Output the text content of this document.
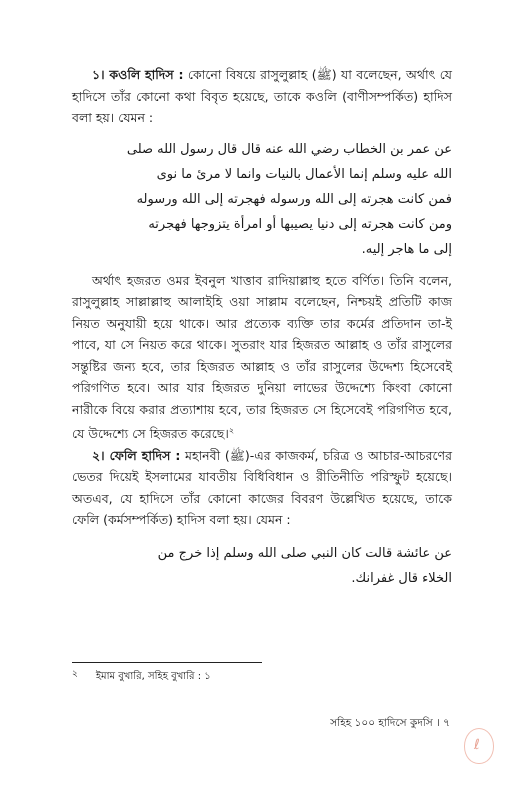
১। কওলি হাদিস : কোনো বিষয়ে রাসুলুল্লাহ (ﷺ) যা বলেছেন, অর্থাৎ যে হাদিসে তাঁর কোনো কথা বিবৃত হয়েছে, তাকে কওলি (বাণীসম্পর্কিত) হাদিস বলা হয়। যেমন :

عن عمر بن الخطاب رضي الله عنه قال قال رسول الله صلى
الله عليه وسلم إنما الأعمال بالنيات وانما لا مرئ ما نوى
فمن كانت هجرته إلى الله ورسوله فهجرته إلى الله ورسوله
ومن كانت هجرته إلى دنيا يصيبها أو امرأة يتزوجها فهجرته
إلى ما هاجر إليه.

অর্থাৎ হজরত ওমর ইবনুল খাত্তাব রাদিয়াল্লাহু হতে বর্ণিত। তিনি বলেন, রাসুলুল্লাহ সাল্লাল্লাহু আলাইহি ওয়া সাল্লাম বলেছেন, নিশ্চয়ই প্রতিটি কাজ নিয়ত অনুযায়ী হয়ে থাকে। আর প্রত্যেক ব্যক্তি তার কর্মের প্রতিদান তা-ই পাবে, যা সে নিয়ত করে থাকে। সুতরাং যার হিজরত আল্লাহ ও তাঁর রাসুলের সন্তুষ্টির জন্য হবে, তার হিজরত আল্লাহ ও তাঁর রাসুলের উদ্দেশ্য হিসেবেই পরিগণিত হবে। আর যার হিজরত দুনিয়া লাভের উদ্দেশ্যে কিংবা কোনো নারীকে বিয়ে করার প্রত্যাশায় হবে, তার হিজরত সে হিসেবেই পরিগণিত হবে, যে উদ্দেশ্যে সে হিজরত করেছে।$^২$

২। ফেলি হাদিস : মহানবী (ﷺ)-এর কাজকর্ম, চরিত্র ও আচার-আচরণের ভেতর দিয়েই ইসলামের যাবতীয় বিধিবিধান ও রীতিনীতি পরিস্ফুট হয়েছে। অতএব, যে হাদিসে তাঁর কোনো কাজের বিবরণ উল্লেখিত হয়েছে, তাকে ফেলি (কর্মসম্পর্কিত) হাদিস বলা হয়। যেমন :

عن عائشة قالت كان النبي صلى الله وسلم إذا خرج من
الخلاء قال غفرانك.
২ ইমাম বুখারি, সহিহ বুখারি : ১
সহিহ ১০০ হাদিসে কুদসি । ৭
ℓ
